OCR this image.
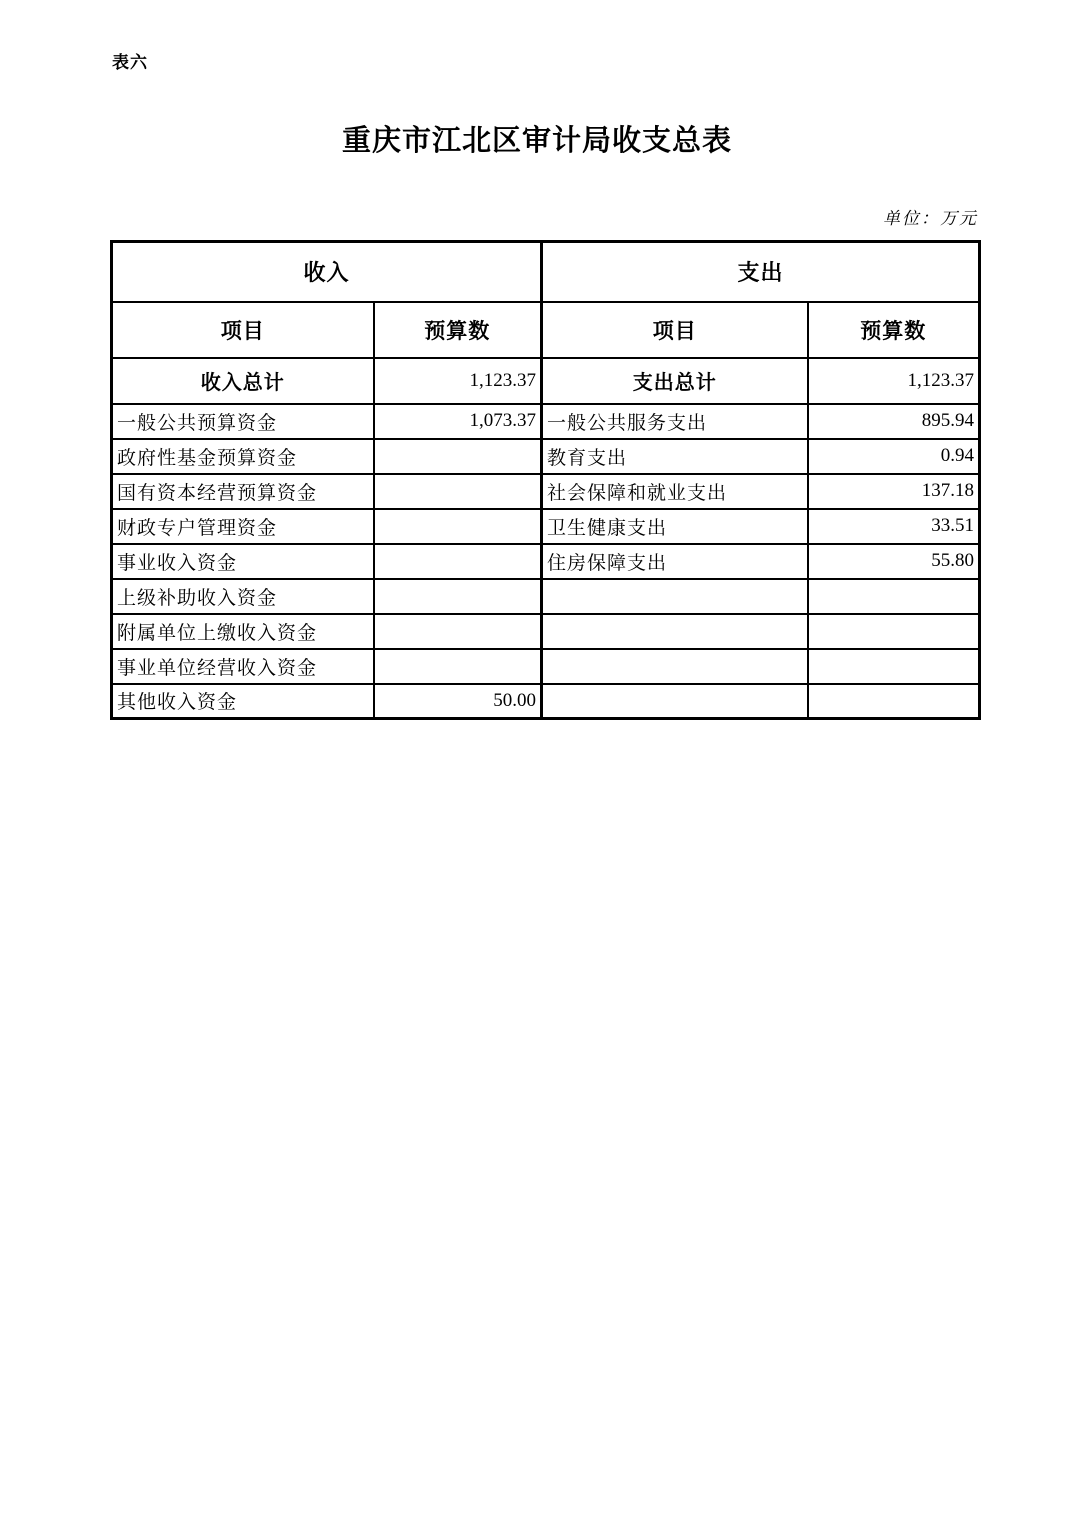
表六
重庆市江北区审计局收支总表
单位：万元
收入		支出	
项目	预算数	项目	预算数
收入总计	1,123.37	支出总计	1,123.37
一般公共预算资金	1,073.37	一般公共服务支出	895.94
政府性基金预算资金		教育支出	0.94
国有资本经营预算资金		社会保障和就业支出	137.18
财政专户管理资金		卫生健康支出	33.51
事业收入资金		住房保障支出	55.80
上级补助收入资金			
附属单位上缴收入资金			
事业单位经营收入资金			
其他收入资金	50.00		
